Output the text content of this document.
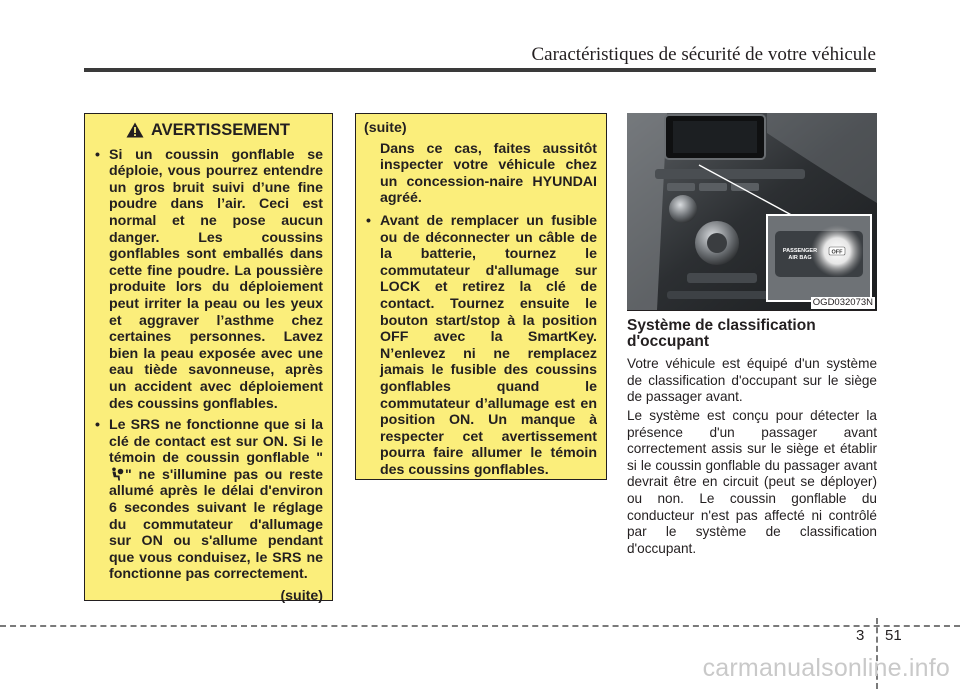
Caractéristiques de sécurité de votre véhicule
AVERTISSEMENT
• Si un coussin gonflable se déploie, vous pourrez entendre un gros bruit suivi d’une fine poudre dans l’air. Ceci est normal et ne pose aucun danger. Les coussins gonflables sont emballés dans cette fine poudre. La poussière produite lors du déploiement peut irriter la peau ou les yeux et aggraver l’asthme chez certaines personnes. Lavez bien la peau exposée avec une eau tiède savonneuse, après un accident avec déploiement des coussins gonflables.
• Le SRS ne fonctionne que si la clé de contact est sur ON. Si le témoin de coussin gonflable "" ne s'illumine pas ou reste allumé après le délai d'environ 6 secondes suivant le réglage du commutateur d'allumage sur ON ou s'allume pendant que vous conduisez, le SRS ne fonctionne pas correctement.
(suite)
(suite)
Dans ce cas, faites aussitôt inspecter votre véhicule chez un concession-naire HYUNDAI agréé.
• Avant de remplacer un fusible ou de déconnecter un câble de la batterie, tournez le commutateur d'allumage sur LOCK et retirez la clé de contact. Tournez ensuite le bouton start/stop à la position OFF avec la SmartKey. N’enlevez ni ne remplacez jamais le fusible des coussins gonflables quand le commutateur d’allumage est en position ON. Un manque à respecter cet avertissement pourra faire allumer le témoin des coussins gonflables.
PASSENGER
AIR BAG
OFF
OGD032073N
Système de classification d'occupant

Votre véhicule est équipé d'un système de classification d'occupant sur le siège de passager avant.

Le système est conçu pour détecter la présence d'un passager avant correctement assis sur le siège et établir si le coussin gonflable du passager avant devrait être en circuit (peut se déployer) ou non. Le coussin gonflable du conducteur n'est pas affecté ni contrôlé par le système de classification d'occupant.

3 51
carmanualsonline.info
